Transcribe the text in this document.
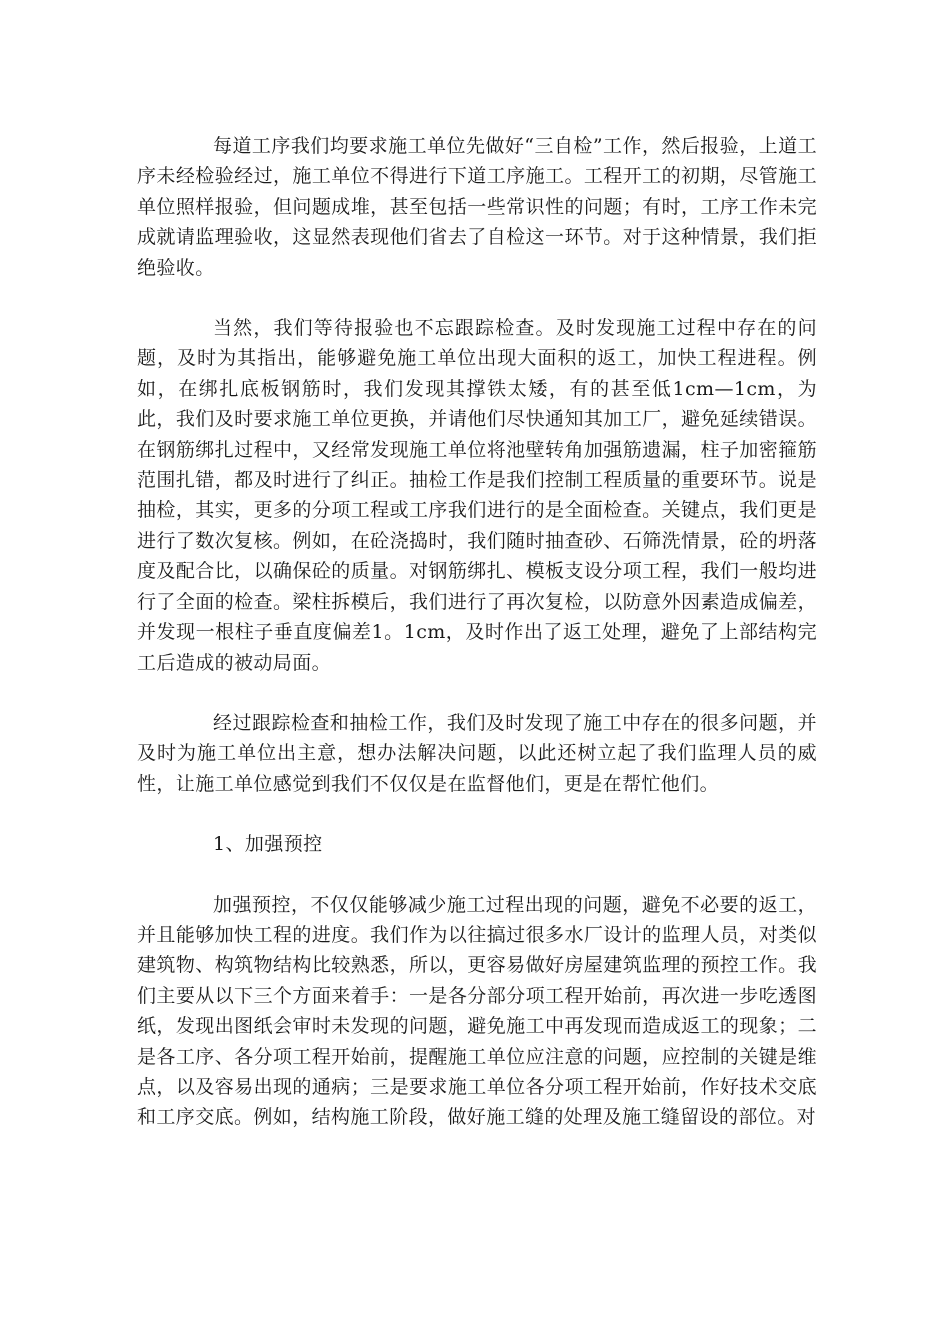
每道工序我们均要求施工单位先做好“三自检”工作，然后报验，上道工序未经检验经过，施工单位不得进行下道工序施工。工程开工的初期，尽管施工单位照样报验，但问题成堆，甚至包括一些常识性的问题；有时，工序工作未完成就请监理验收，这显然表现他们省去了自检这一环节。对于这种情景，我们拒绝验收。

当然，我们等待报验也不忘跟踪检查。及时发现施工过程中存在的问题，及时为其指出，能够避免施工单位出现大面积的返工，加快工程进程。例如，在绑扎底板钢筋时，我们发现其撑铁太矮，有的甚至低1cm—1cm，为此，我们及时要求施工单位更换，并请他们尽快通知其加工厂，避免延续错误。在钢筋绑扎过程中，又经常发现施工单位将池壁转角加强筋遗漏，柱子加密箍筋范围扎错，都及时进行了纠正。抽检工作是我们控制工程质量的重要环节。说是抽检，其实，更多的分项工程或工序我们进行的是全面检查。关键点，我们更是进行了数次复核。例如，在砼浇捣时，我们随时抽查砂、石筛洗情景，砼的坍落度及配合比，以确保砼的质量。对钢筋绑扎、模板支设分项工程，我们一般均进行了全面的检查。梁柱拆模后，我们进行了再次复检，以防意外因素造成偏差，并发现一根柱子垂直度偏差1。1cm，及时作出了返工处理，避免了上部结构完工后造成的被动局面。

经过跟踪检查和抽检工作，我们及时发现了施工中存在的很多问题，并及时为施工单位出主意，想办法解决问题，以此还树立起了我们监理人员的威性，让施工单位感觉到我们不仅仅是在监督他们，更是在帮忙他们。

1、加强预控

加强预控，不仅仅能够减少施工过程出现的问题，避免不必要的返工，并且能够加快工程的进度。我们作为以往搞过很多水厂设计的监理人员，对类似建筑物、构筑物结构比较熟悉，所以，更容易做好房屋建筑监理的预控工作。我们主要从以下三个方面来着手：一是各分部分项工程开始前，再次进一步吃透图纸，发现出图纸会审时未发现的问题，避免施工中再发现而造成返工的现象；二是各工序、各分项工程开始前，提醒施工单位应注意的问题，应控制的关键是维点，以及容易出现的通病；三是要求施工单位各分项工程开始前，作好技术交底和工序交底。例如，结构施工阶段，做好施工缝的处理及施工缝留设的部位。对
